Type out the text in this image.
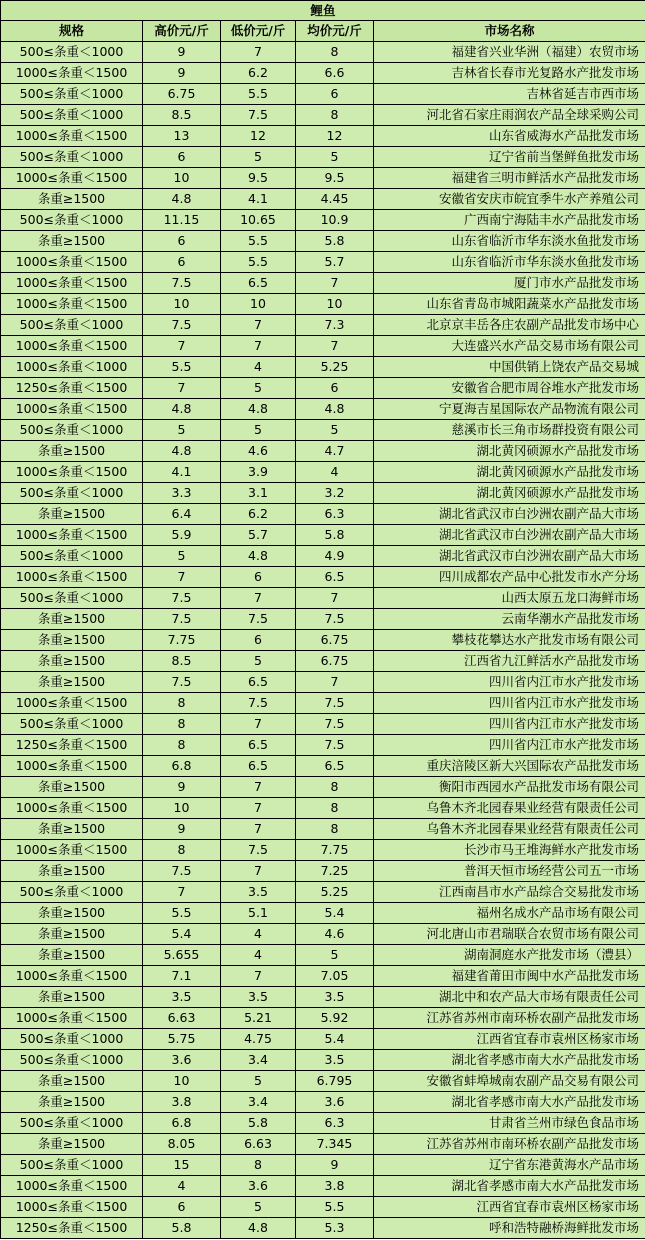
鲤鱼				
规格	高价元/斤	低价元/斤	均价元/斤	市场名称
500≤条重＜1000	9	7	8	福建省兴业华洲（福建）农贸市场
1000≤条重＜1500	9	6.2	6.6	吉林省长春市光复路水产批发市场
500≤条重＜1000	6.75	5.5	6	吉林省延吉市西市场
500≤条重＜1000	8.5	7.5	8	河北省石家庄雨润农产品全球采购公司
1000≤条重＜1500	13	12	12	山东省威海水产品批发市场
500≤条重＜1000	6	5	5	辽宁省前当堡鲜鱼批发市场
1000≤条重＜1500	10	9.5	9.5	福建省三明市鲜活水产品批发市场
条重≥1500	4.8	4.1	4.45	安徽省安庆市皖宜季牛水产养殖公司
500≤条重＜1000	11.15	10.65	10.9	广西南宁海陆丰水产品批发市场
条重≥1500	6	5.5	5.8	山东省临沂市华东淡水鱼批发市场
1000≤条重＜1500	6	5.5	5.7	山东省临沂市华东淡水鱼批发市场
1000≤条重＜1500	7.5	6.5	7	厦门市水产品批发市场
1000≤条重＜1500	10	10	10	山东省青岛市城阳蔬菜水产品批发市场
500≤条重＜1000	7.5	7	7.3	北京京丰岳各庄农副产品批发市场中心
1000≤条重＜1500	7	7	7	大连盛兴水产品交易市场有限公司
1000≤条重＜1000	5.5	4	5.25	中国供销上饶农产品交易城
1250≤条重＜1500	7	5	6	安徽省合肥市周谷堆水产批发市场
1000≤条重＜1500	4.8	4.8	4.8	宁夏海吉星国际农产品物流有限公司
500≤条重＜1000	5	5	5	慈溪市长三角市场群投资有限公司
条重≥1500	4.8	4.6	4.7	湖北黄冈硕源水产品批发市场
1000≤条重＜1500	4.1	3.9	4	湖北黄冈硕源水产品批发市场
500≤条重＜1000	3.3	3.1	3.2	湖北黄冈硕源水产品批发市场
条重≥1500	6.4	6.2	6.3	湖北省武汉市白沙洲农副产品大市场
1000≤条重＜1500	5.9	5.7	5.8	湖北省武汉市白沙洲农副产品大市场
500≤条重＜1000	5	4.8	4.9	湖北省武汉市白沙洲农副产品大市场
1000≤条重＜1500	7	6	6.5	四川成都农产品中心批发市水产分场
500≤条重＜1000	7.5	7	7	山西太原五龙口海鲜市场
条重≥1500	7.5	7.5	7.5	云南华潮水产品批发市场
条重≥1500	7.75	6	6.75	攀枝花攀达水产批发市场有限公司
条重≥1500	8.5	5	6.75	江西省九江鲜活水产品批发市场
条重≥1500	7.5	6.5	7	四川省内江市水产批发市场
1000≤条重＜1500	8	7.5	7.5	四川省内江市水产批发市场
500≤条重＜1000	8	7	7.5	四川省内江市水产批发市场
1250≤条重＜1500	8	6.5	7.5	四川省内江市水产批发市场
1000≤条重＜1500	6.8	6.5	6.5	重庆涪陵区新大兴国际农产品批发市场
条重≥1500	9	7	8	衡阳市西园水产品批发市场有限公司
1000≤条重＜1500	10	7	8	乌鲁木齐北园春果业经营有限责任公司
条重≥1500	9	7	8	乌鲁木齐北园春果业经营有限责任公司
1000≤条重＜1500	8	7.5	7.75	长沙市马王堆海鲜水产批发市场
条重≥1500	7.5	7	7.25	普洱天恒市场经营公司五一市场
500≤条重＜1000	7	3.5	5.25	江西南昌市水产品综合交易批发市场
条重≥1500	5.5	5.1	5.4	福州名成水产品市场有限公司
条重≥1500	5.4	4	4.6	河北唐山市君瑞联合农贸市场有限公司
条重≥1500	5.655	4	5	湖南洞庭水产批发市场（澧县）
1000≤条重＜1500	7.1	7	7.05	福建省莆田市闽中水产品批发市场
条重≥1500	3.5	3.5	3.5	湖北中和农产品大市场有限责任公司
1000≤条重＜1500	6.63	5.21	5.92	江苏省苏州市南环桥农副产品批发市场
500≤条重＜1000	5.75	4.75	5.4	江西省宜春市袁州区杨家市场
500≤条重＜1000	3.6	3.4	3.5	湖北省孝感市南大水产品批发市场
条重≥1500	10	5	6.795	安徽省蚌埠城南农副产品交易有限公司
条重≥1500	3.8	3.4	3.6	湖北省孝感市南大水产品批发市场
500≤条重＜1000	6.8	5.8	6.3	甘肃省兰州市绿色食品市场
条重≥1500	8.05	6.63	7.345	江苏省苏州市南环桥农副产品批发市场
500≤条重＜1000	15	8	9	辽宁省东港黄海水产品市场
1000≤条重＜1500	4	3.6	3.8	湖北省孝感市南大水产品批发市场
1000≤条重＜1500	6	5	5.5	江西省宜春市袁州区杨家市场
1250≤条重＜1500	5.8	4.8	5.3	呼和浩特融桥海鲜批发市场
